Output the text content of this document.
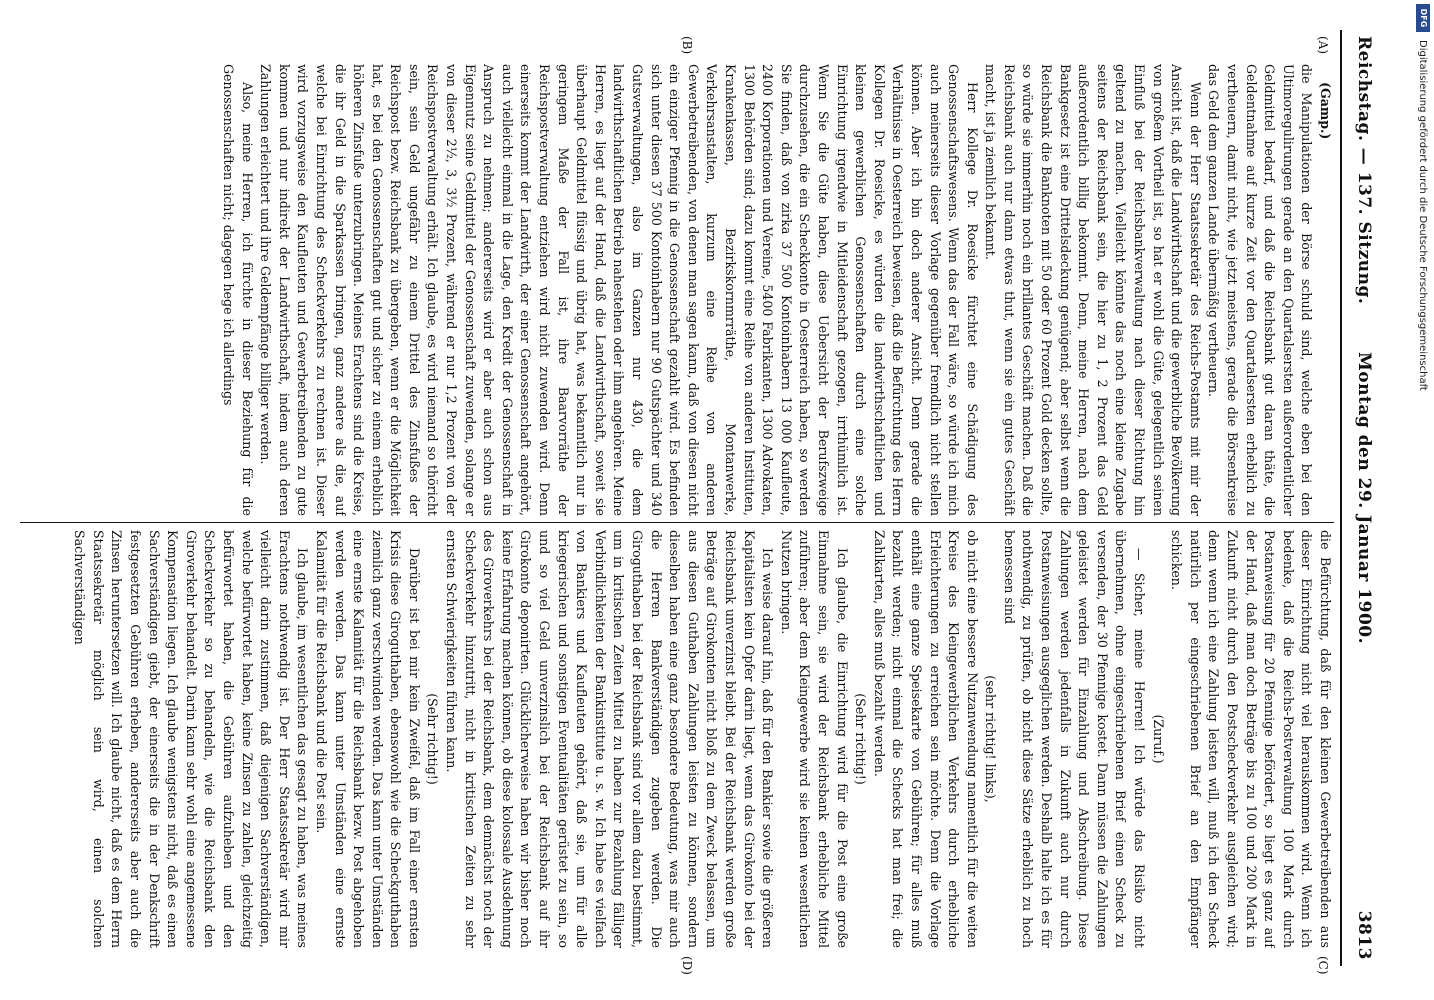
DFG
Digitalisierung gefördert durch die Deutsche Forschungsgemeinschaft
Reichstag. — 137. Sitzung.
Montag den 29. Januar 1900.
3813
(A)
(B)
(C)
(D)

(Gamp.)

die Manipulationen der Börse schuld sind, welche eben bei den Ultimoregulirungen gerade an den Quartalsersten außerordentlicher Geldmittel bedarf, und daß die Reichsbank gut daran thäte, die Geldentnahme auf kurze Zeit vor den Quartalsersten erheblich zu vertheuern, damit nicht, wie jetzt meistens, gerade die Börsenkreise das Geld dem ganzen Lande übermäßig vertheuern.

Wenn der Herr Staatssekretär des Reichs-Postamts mit mir der Ansicht ist, daß die Landwirthschaft und die gewerbliche Bevölkerung von großem Vortheil ist, so hat er wohl die Güte, gelegentlich seinen Einfluß bei der Reichsbankverwaltung nach dieser Richtung hin geltend zu machen. Vielleicht könnte das noch eine kleine Zugabe seitens der Reichsbank sein, die hier zu 1, 2 Prozent das Geld außerordentlich billig bekommt. Denn, meine Herren, nach dem Bankgesetz ist eine Drittelsdeckung genügend; aber selbst wenn die Reichsbank die Banknoten mit 50 oder 60 Prozent Gold decken sollte, so würde sie immerhin noch ein brillantes Geschäft machen. Daß die Reichsbank auch nur dann etwas thut, wenn sie ein gutes Geschäft macht, ist ja ziemlich bekannt.

Herr Kollege Dr. Roesicke fürchtet eine Schädigung des Genossenschaftswesens. Wenn das der Fall wäre, so würde ich mich auch meinerseits dieser Vorlage gegenüber fremdlich nicht stellen können. Aber ich bin doch anderer Ansicht. Denn gerade die Verhältnisse in Oesterreich beweisen, daß die Befürchtung des Herrn Kollegen Dr. Roesicke, es würden die landwirthschaftlichen und kleinen gewerblichen Genossenschaften durch eine solche Einrichtung irgendwie in Mitleidenschaft gezogen, irrthümlich ist. Wenn Sie die Güte haben, diese Uebersicht der Berufszweige durchzusehen, die ein Scheckkonto in Oesterreich haben, so werden Sie finden, daß von zirka 37 500 Kontoinhabern 13 000 Kaufleute, 2400 Korporationen und Vereine, 5400 Fabrikanten, 1300 Advokaten, 1300 Behörden sind; dazu kommt eine Reihe von anderen Instituten, Krankenkassen, Bezirkskornmrräthe, Montanwerke, Verkehrsanstalten, kurzum eine Reihe von anderen Gewerbetreibenden, von denen man sagen kann, daß von diesen nicht ein einziger Pfennig in die Genossenschaft gezahlt wird. Es befinden sich unter diesen 37 500 Kontoinhabern nur 90 Gutspächter und 340 Gutsverwaltungen, also im Ganzen nur 430, die dem landwirthschaftlichen Betrieb nahestehen oder ihm angehören. Meine Herren, es liegt auf der Hand, daß die Landwirthschaft, soweit sie überhaupt Geldmittel flüssig und übrig hat, was bekanntlich nur in geringem Maße der Fall ist, ihre Baarvorräthe der Reichspostverwaltung entziehen wird nicht zuwenden wird. Denn einerseits kommt der Landwirth, der einer Genossenschaft angehört, auch vielleicht einmal in die Lage, den Kredit der Genossenschaft in Anspruch zu nehmen; andererseits wird er aber auch schon aus Eigennutz seine Geldmittel der Genossenschaft zuwenden, solange er von dieser 2½, 3, 3½ Prozent, während er nur 1,2 Prozent von der Reichspostverwaltung erhält. Ich glaube, es wird niemand so thöricht sein, sein Geld ungefähr zu einem Drittel des Zinsfußes der Reichspost bezw. Reichsbank zu übergeben, wenn er die Möglichkeit hat, es bei den Genossenschaften gut und sicher zu einem erheblich höheren Zinsfuße unterzubringen. Meines Erachtens sind die Kreise, die ihr Geld in die Sparkassen bringen, ganz andere als die, auf welche bei Einrichtung des Scheckverkehrs zu rechnen ist. Dieser wird vorzugsweise den Kaufleuten und Gewerbetreibenden zu gute kommen und nur indirekt der Landwirthschaft, indem auch deren Zahlungen erleichtert und ihre Geldempfänge billiger werden.

Also, meine Herren, ich fürchte in dieser Beziehung für die Genossenschaften nicht; dagegen hege ich allerdings

die Befürchtung, daß für den kleinen Gewerbetreibenden aus dieser Einrichtung nicht viel herauskommen wird. Wenn ich bedenke, daß die Reichs-Postverwaltung 100 Mark durch Postanweisung für 20 Pfennige befördert, so liegt es ganz auf der Hand, daß man doch Beträge bis zu 100 und 200 Mark in Zukunft nicht durch den Postscheckverkehr ausgleichen wird; denn wenn ich eine Zahlung leisten will, muß ich den Scheck natürlich per eingeschriebenen Brief an den Empfänger schicken.

(Zuruf.)

— Sicher, meine Herren! Ich würde das Risiko nicht übernehmen, ohne eingeschriebenen Brief einen Scheck zu versenden, der 30 Pfennige kostet. Dann müssen die Zahlungen geleistet werden für Einzahlung und Abschreibung. Diese Zahlungen werden jedenfalls in Zukunft auch nur durch Postanweisungen ausgeglichen werden. Deshalb halte ich es für nothwendig, zu prüfen, ob nicht diese Sätze erheblich zu hoch bemessen sind

(sehr richtig! links),

ob nicht eine bessere Nutzanwendung namentlich für die weiten Kreise des Kleingewerblichen Verkehrs durch erhebliche Erleichterungen zu erreichen sein möchte. Denn die Vorlage enthält eine ganze Speisekarte von Gebühren; für alles muß bezahlt werden; nicht einmal die Schecks hat man frei; die Zahlkarten, alles muß bezahlt werden.

(Sehr richtig!)

Ich glaube, die Einrichtung wird für die Post eine große Einnahme sein, sie wird der Reichsbank erhebliche Mittel zuführen; aber dem Kleingewerbe wird sie keinen wesentlichen Nutzen bringen.

Ich weise darauf hin, daß für den Bankier sowie die größeren Kapitalisten kein Opfer darin liegt, wenn das Girokonto bei der Reichsbank unverzinst bleibt. Bei der Reichsbank werden große Beträge auf Girokonten nicht bloß zu dem Zweck belassen, um aus diesen Guthaben Zahlungen leisten zu können, sondern dieselben haben eine ganz besondere Bedeutung, was mir auch die Herren Bankverständigen zugeben werden. Die Giroguthaben bei der Reichsbank sind vor allem dazu bestimmt, um in kritischen Zeiten Mittel zu haben zur Bezahlung fälliger Verbindlichkeiten der Bankinstitute u. s. w. Ich habe es vielfach von Bankiers und Kaufleuten gehört, daß sie, um für alle kriegerischen und sonstigen Eventualitäten gerüstet zu sein, so und so viel Geld unverzinslich bei der Reichsbank auf ihr Girokonto deponirten. Glücklicherweise haben wir bisher noch keine Erfahrung machen können, ob diese kolossale Ausdehnung des Giroverkehrs bei der Reichsbank, dem demnächst noch der Scheckverkehr hinzutritt, nicht in kritischen Zeiten zu sehr ernsten Schwierigkeiten führen kann.

(Sehr richtig!)

Darüber ist bei mir kein Zweifel, daß im Fall einer ernsten Krisis diese Giroguthaben, ebensowohl wie die Scheckguthaben ziemlich ganz verschwinden werden. Das kann unter Umständen eine ernste Kalamität für die Reichsbank bezw. Post abgehoben werden werden. Das kann unter Umständen eine ernste Kalamität für die Reichsbank und die Post sein.

Ich glaube, im wesentlichen das gesagt zu haben, was meines Erachtens nothwendig ist. Der Herr Staatssekretär wird mir vielleicht darin zustimmen, daß diejenigen Sachverständigen, welche befürwortet haben, keine Zinsen zu zahlen, gleichzeitig befürwortet haben, die Gebühren aufzuheben und den Scheckverkehr so zu behandeln, wie die Reichsbank den Giroverkehr behandelt. Darin kann sehr wohl eine angemessene Kompensation liegen. Ich glaube wenigstens nicht, daß es einen Sachverständigen giebt, der einerseits die in der Denkschrift festgesetzten Gebühren erheben, andererseits aber auch die Zinsen heruntersetzen will. Ich glaube nicht, daß es dem Herrn Staatssekretär möglich sein wird, einen solchen Sachverständigen
